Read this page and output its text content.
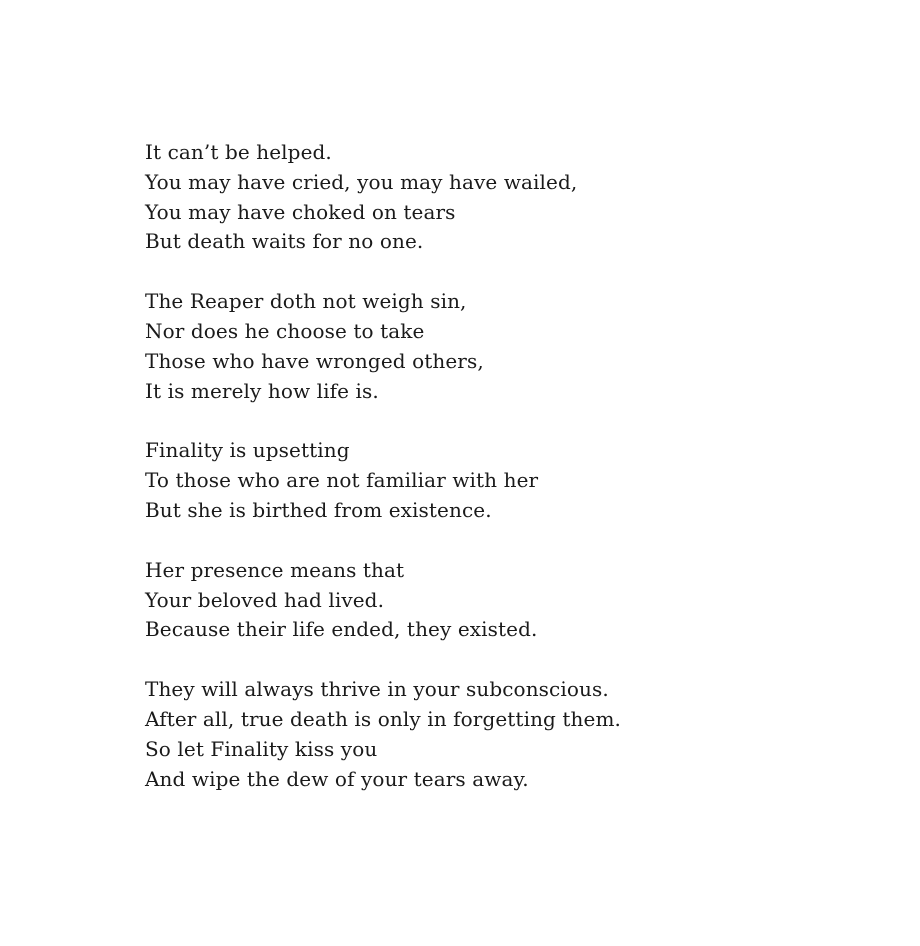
It can’t be helped.
You may have cried, you may have wailed,
You may have choked on tears
But death waits for no one.
The Reaper doth not weigh sin,
Nor does he choose to take
Those who have wronged others,
It is merely how life is.
Finality is upsetting
To those who are not familiar with her
But she is birthed from existence.
Her presence means that
Your beloved had lived.
Because their life ended, they existed.
They will always thrive in your subconscious.
After all, true death is only in forgetting them.
So let Finality kiss you
And wipe the dew of your tears away.
